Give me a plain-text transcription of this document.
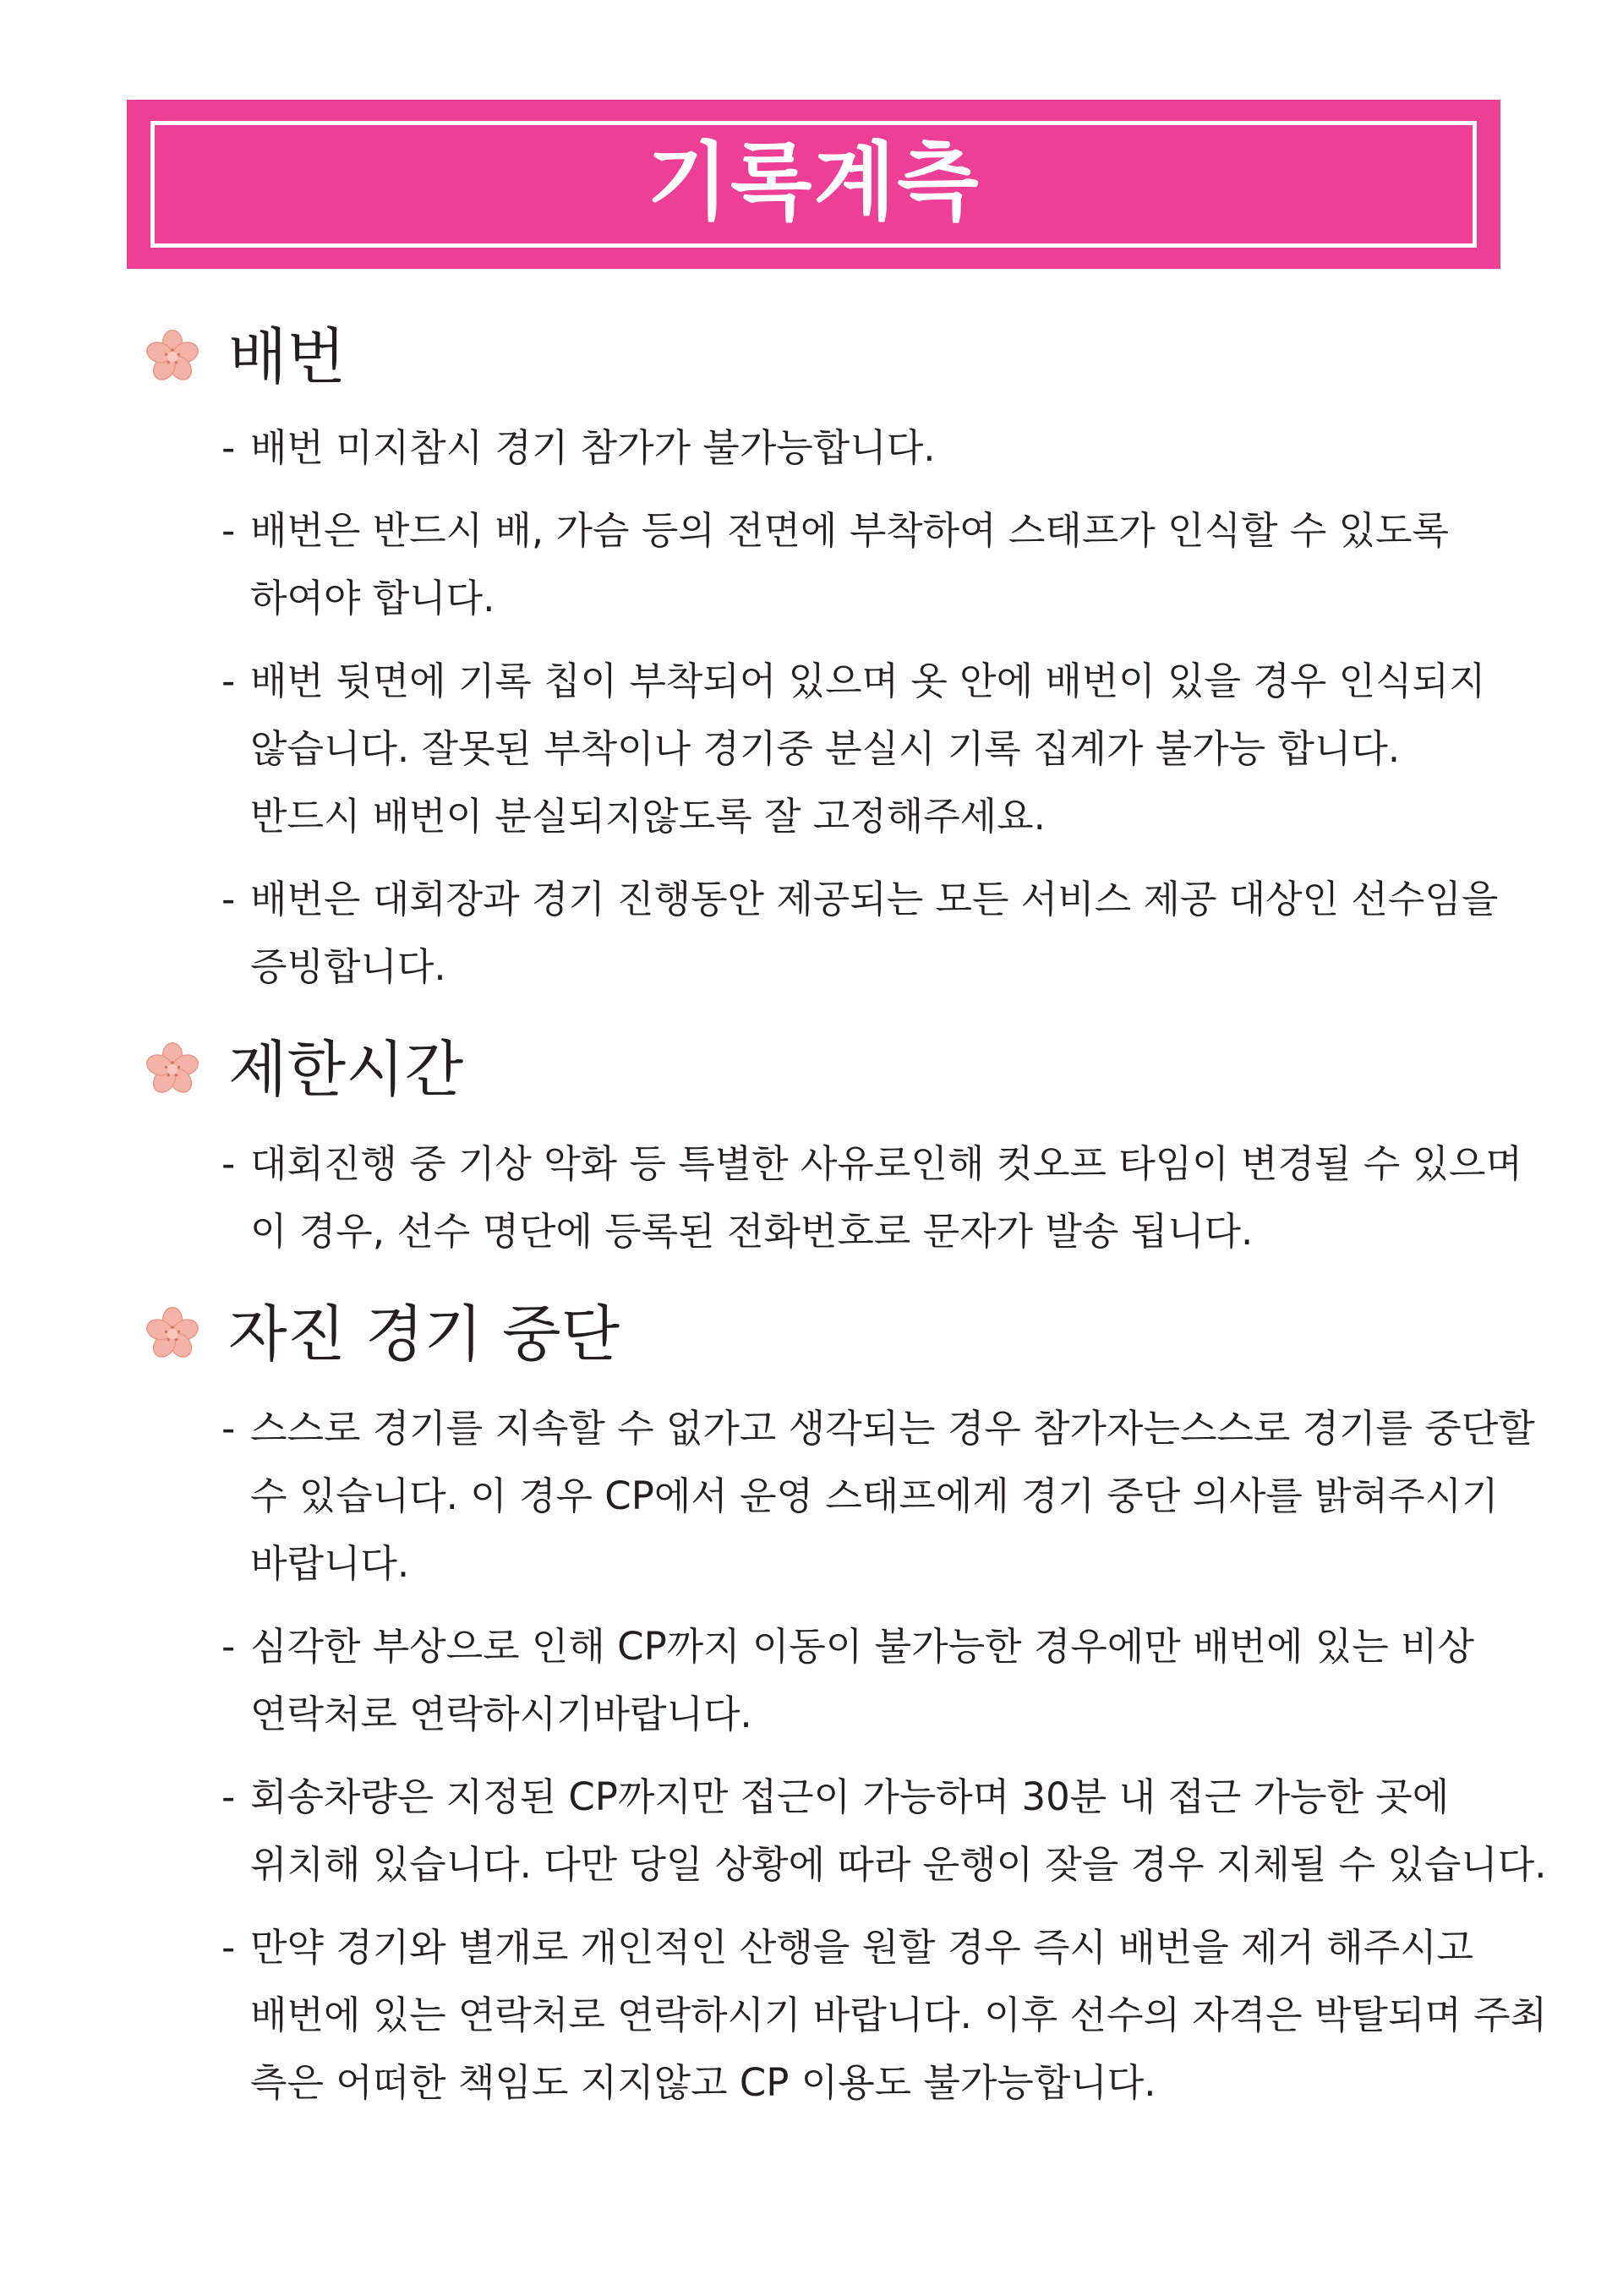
기록계측
배번
- 배번 미지참시 경기 참가가 불가능합니다.
- 배번은 반드시 배, 가슴 등의 전면에 부착하여 스태프가 인식할 수 있도록
하여야 합니다.
- 배번 뒷면에 기록 칩이 부착되어 있으며 옷 안에 배번이 있을 경우 인식되지
않습니다. 잘못된 부착이나 경기중 분실시 기록 집계가 불가능 합니다.
반드시 배번이 분실되지않도록 잘 고정해주세요.
- 배번은 대회장과 경기 진행동안 제공되는 모든 서비스 제공 대상인 선수임을
증빙합니다.
제한시간
- 대회진행 중 기상 악화 등 특별한 사유로인해 컷오프 타임이 변경될 수 있으며
이 경우, 선수 명단에 등록된 전화번호로 문자가 발송 됩니다.
자진 경기 중단
- 스스로 경기를 지속할 수 없가고 생각되는 경우 참가자는스스로 경기를 중단할
수 있습니다. 이 경우 CP에서 운영 스태프에게 경기 중단 의사를 밝혀주시기
바랍니다.
- 심각한 부상으로 인해 CP까지 이동이 불가능한 경우에만 배번에 있는 비상
연락처로 연락하시기바랍니다.
- 회송차량은 지정된 CP까지만 접근이 가능하며 30분 내 접근 가능한 곳에
위치해 있습니다. 다만 당일 상황에 따라 운행이 잦을 경우 지체될 수 있습니다.
- 만약 경기와 별개로 개인적인 산행을 원할 경우 즉시 배번을 제거 해주시고
배번에 있는 연락처로 연락하시기 바랍니다. 이후 선수의 자격은 박탈되며 주최
측은 어떠한 책임도 지지않고 CP 이용도 불가능합니다.
